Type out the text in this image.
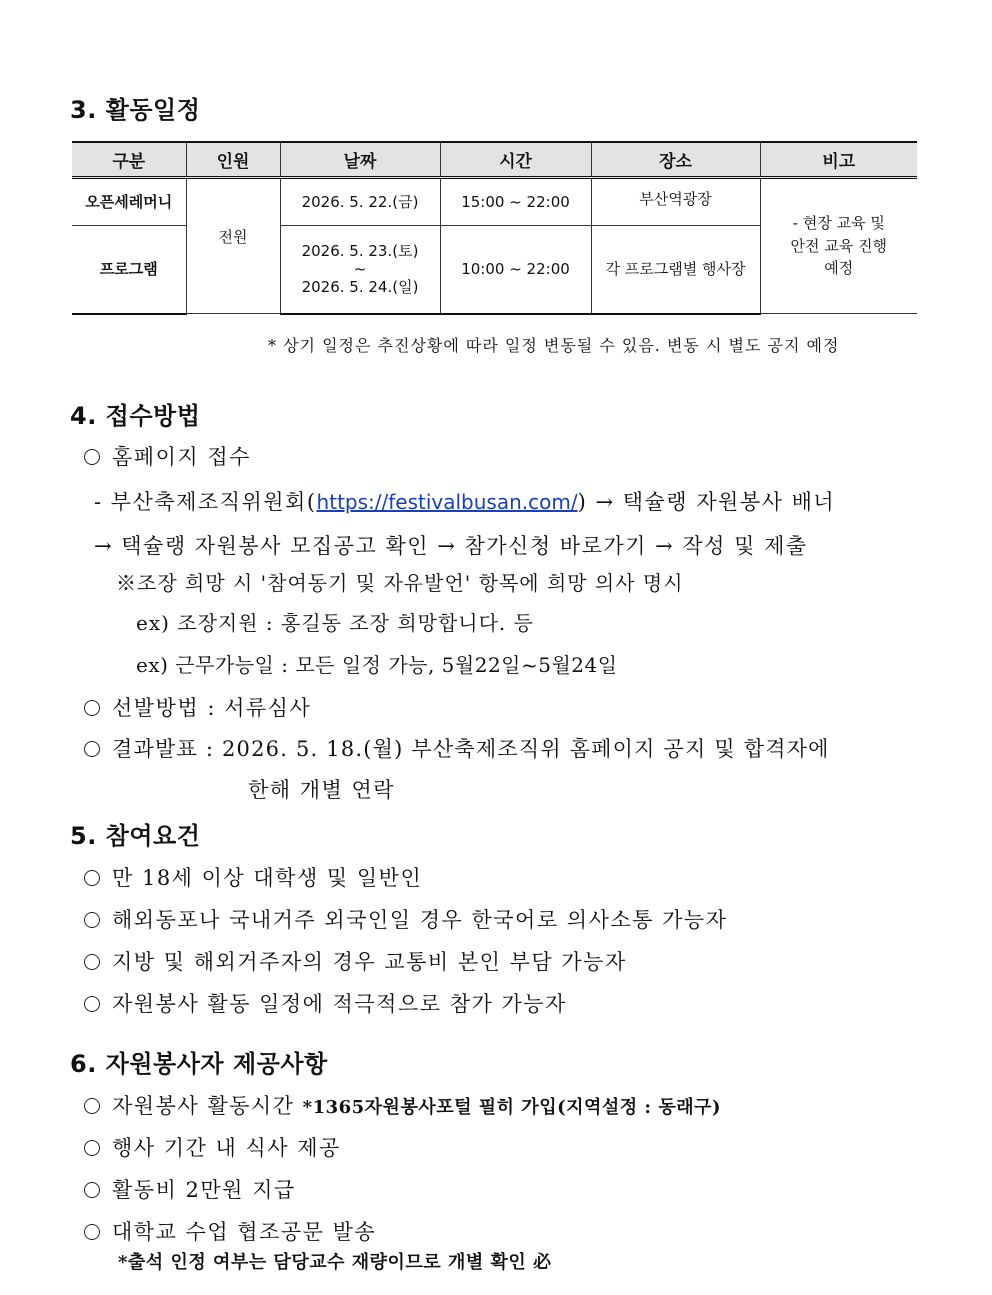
3. 활동일정
구분	인원	날짜	시간	장소	비고
오픈세레머니	전원	2026. 5. 22.(금)	15:00 ~ 22:00	부산역광장	- 현장 교육 및
안전 교육 진행
예정

프로그램		2026. 5. 23.(토)
~
2026. 5. 24.(일)	10:00 ~ 22:00	각 프로그램별 행사장	
* 상기 일정은 추진상황에 따라 일정 변동될 수 있음. 변동 시 별도 공지 예정
4. 접수방법
홈페이지 접수
- 부산축제조직위원회(https://festivalbusan.com/) → 택슐랭 자원봉사 배너
→ 택슐랭 자원봉사 모집공고 확인 → 참가신청 바로가기 → 작성 및 제출
※조장 희망 시 '참여동기 및 자유발언' 항목에 희망 의사 명시
ex) 조장지원 : 홍길동 조장 희망합니다. 등
ex) 근무가능일 : 모든 일정 가능, 5월22일~5월24일
선발방법 : 서류심사
결과발표 : 2026. 5. 18.(월) 부산축제조직위 홈페이지 공지 및 합격자에
한해 개별 연락
5. 참여요건
만 18세 이상 대학생 및 일반인
해외동포나 국내거주 외국인일 경우 한국어로 의사소통 가능자
지방 및 해외거주자의 경우 교통비 본인 부담 가능자
자원봉사 활동 일정에 적극적으로 참가 가능자
6. 자원봉사자 제공사항
자원봉사 활동시간 *1365자원봉사포털 필히 가입(지역설정 : 동래구)
행사 기간 내 식사 제공
활동비 2만원 지급
대학교 수업 협조공문 발송
*출석 인정 여부는 담당교수 재량이므로 개별 확인 必
